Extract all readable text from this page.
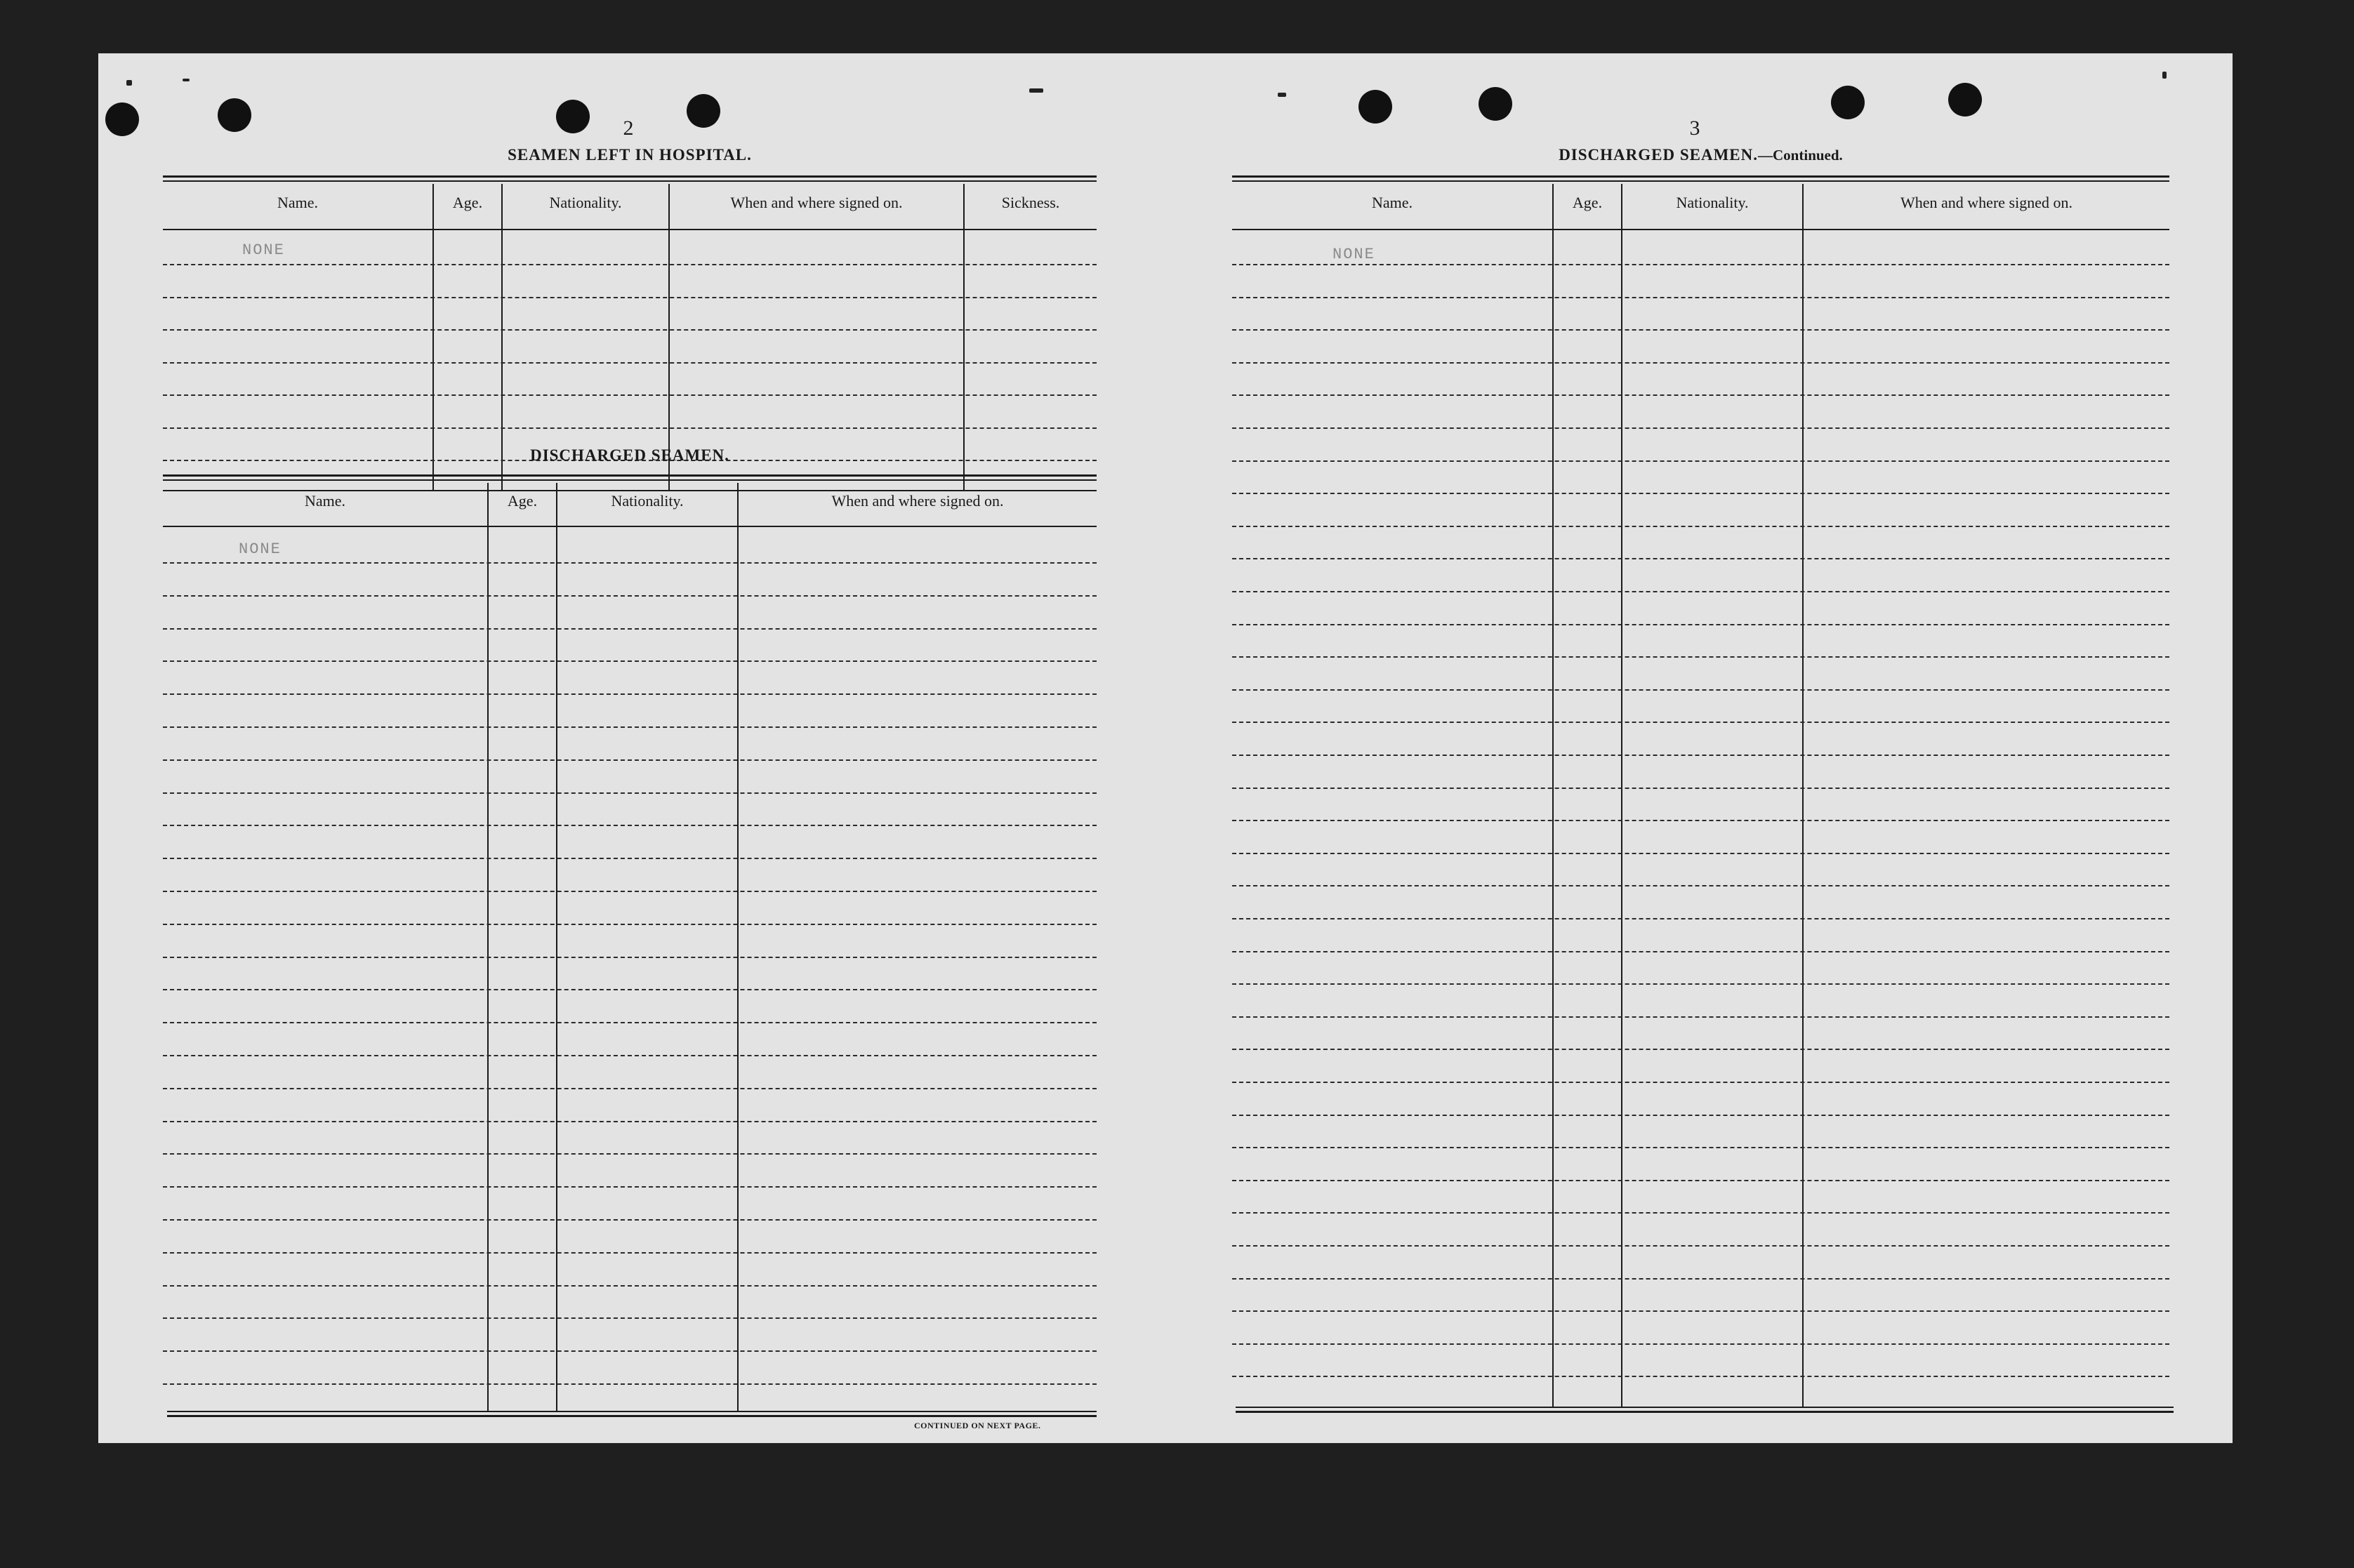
2
SEAMEN LEFT IN HOSPITAL.
Name.	Age.	Nationality.	When and where signed on.	Sickness.
NONE
DISCHARGED SEAMEN.
Name.	Age.	Nationality.	When and where signed on.
NONE
CONTINUED ON NEXT PAGE.
3
DISCHARGED SEAMEN.—Continued.
Name.	Age.	Nationality.	When and where signed on.
NONE
